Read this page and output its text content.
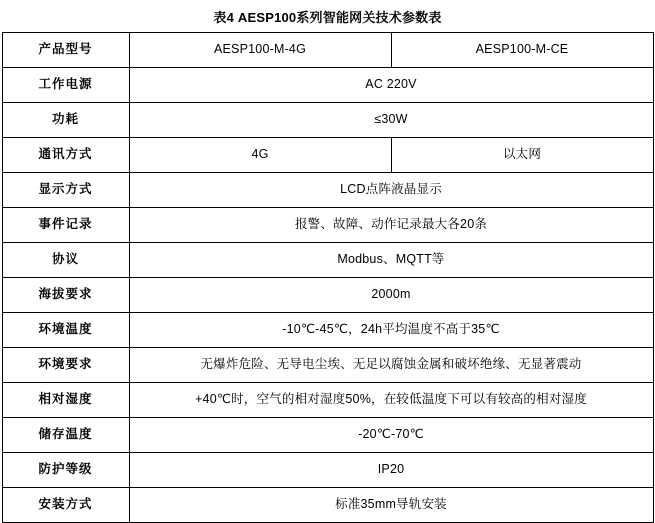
表4 AESP100系列智能网关技术参数表
产品型号	AESP100-M-4G	AESP100-M-CE
工作电源	AC 220V	
功耗	≤30W	
通讯方式	4G	以太网
显示方式	LCD点阵液晶显示	
事件记录	报警、故障、动作记录最大各20条	
协议	Modbus、MQTT等	
海拔要求	2000m	
环境温度	-10℃-45℃，24h平均温度不高于35℃	
环境要求	无爆炸危险、无导电尘埃、无足以腐蚀金属和破坏绝缘、无显著震动	
相对湿度	+40℃时，空气的相对湿度50%，在较低温度下可以有较高的相对湿度	
储存温度	-20℃-70℃	
防护等级	IP20	
安装方式	标准35mm导轨安装	
